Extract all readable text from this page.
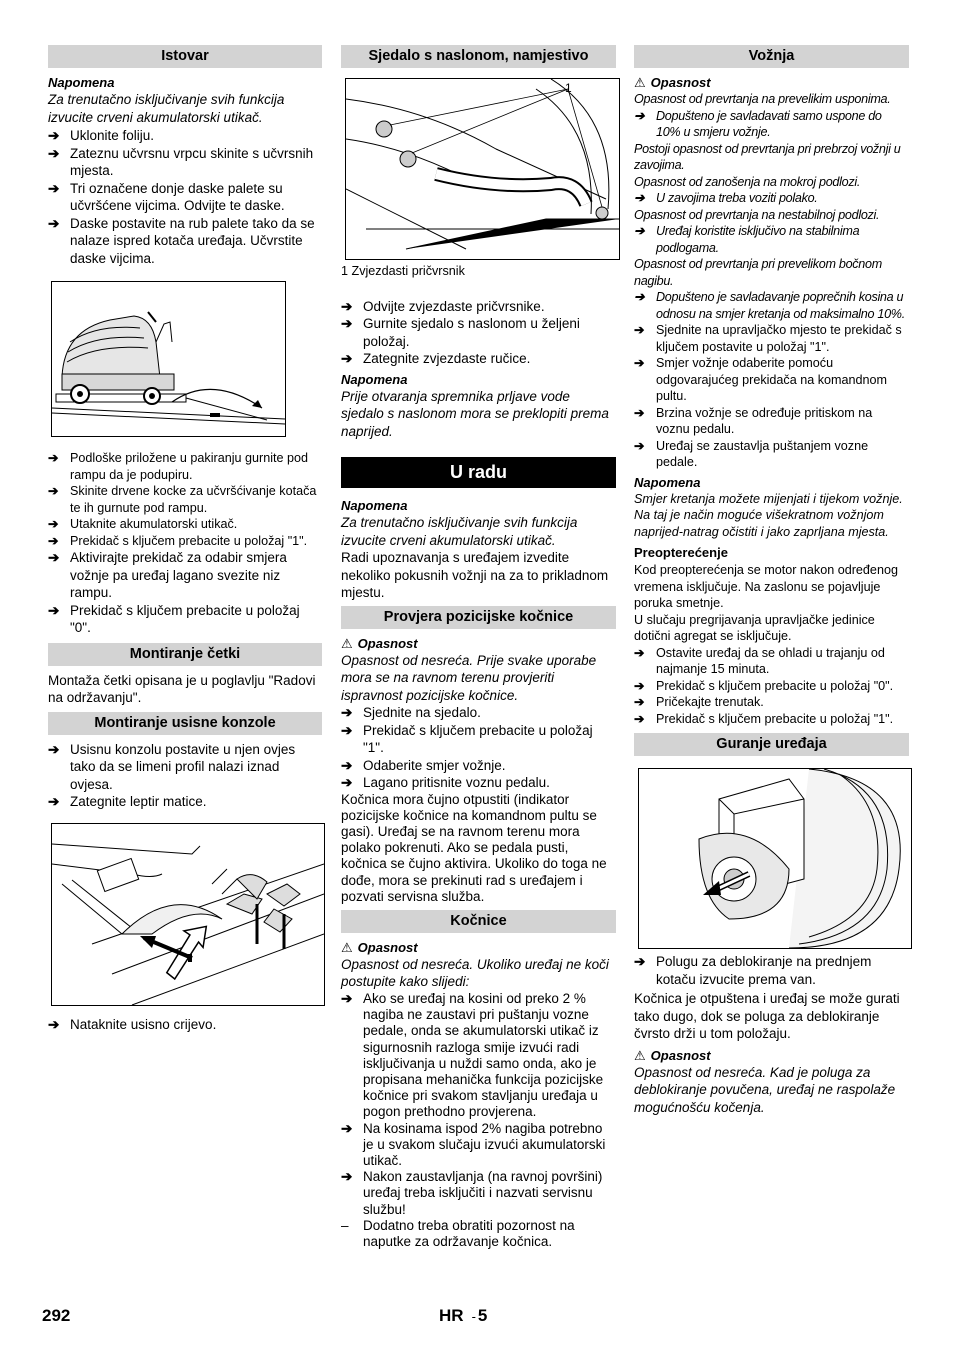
Istovar

Napomena

Za trenutačno isključivanje svih funkcija izvucite crveni akumulatorski utikač.

➔ Uklonite foliju.
➔ Zateznu učvrsnu vrpcu skinite s učvrsnih mjesta.
➔ Tri označene donje daske palete su učvršćene vijcima. Odvijte te daske.
➔ Daske postavite na rub palete tako da se nalaze ispred kotača uređaja. Učvrstite daske vijcima.
➔ Podloške priložene u pakiranju gurnite pod rampu da je podupiru.
➔ Skinite drvene kocke za učvršćivanje kotača te ih gurnute pod rampu.
➔ Utaknite akumulatorski utikač.
➔ Prekidač s ključem prebacite u položaj "1".
➔ Aktivirajte prekidač za odabir smjera vožnje pa uređaj lagano svezite niz rampu.
➔ Prekidač s ključem prebacite u položaj "0".
Montiranje četki

Montaža četki opisana je u poglavlju "Radovi na održavanju".

Montiranje usisne konzole
➔ Usisnu konzolu postavite u njen ovjes tako da se limeni profil nalazi iznad ovjesa.
➔ Zategnite leptir matice.
➔ Nataknite usisno crijevo.
Sjedalo s naslonom, namjestivo
1

1 Zvjezdasti pričvrsnik

➔ Odvijte zvjezdaste pričvrsnike.
➔ Gurnite sjedalo s naslonom u željeni položaj.
➔ Zategnite zvjezdaste ručice.

Napomena

Prije otvaranja spremnika prljave vode sjedalo s naslonom mora se preklopiti prema naprijed.

U radu

Napomena

Za trenutačno isključivanje svih funkcija izvucite crveni akumulatorski utikač.

Radi upoznavanja s uređajem izvedite nekoliko pokusnih vožnji na za to prikladnom mjestu.

Provjera pozicijske kočnice

⚠ Opasnost

Opasnost od nesreća. Prije svake uporabe mora se na ravnom terenu provjeriti ispravnost pozicijske kočnice.

➔ Sjednite na sjedalo.
➔ Prekidač s ključem prebacite u položaj "1".
➔ Odaberite smjer vožnje.
➔ Lagano pritisnite voznu pedalu.

Kočnica mora čujno otpustiti (indikator pozicijske kočnice na komandnom pultu se gasi). Uređaj se na ravnom terenu mora polako pokrenuti. Ako se pedala pusti, kočnica se čujno aktivira. Ukoliko do toga ne dođe, mora se prekinuti rad s uređajem i pozvati servisna služba.

Kočnice

⚠ Opasnost

Opasnost od nesreća. Ukoliko uređaj ne koči postupite kako slijedi:

➔ Ako se uređaj na kosini od preko 2 % nagiba ne zaustavi pri puštanju vozne pedale, onda se akumulatorski utikač iz sigurnosnih razloga smije izvući radi isključivanja u nuždi samo onda, ako je propisana mehanička funkcija pozicijske kočnice pri svakom stavljanju uređaja u pogon prethodno provjerena.
➔ Na kosinama ispod 2% nagiba potrebno je u svakom slučaju izvući akumulatorski utikač.
➔ Nakon zaustavljanja (na ravnoj površini) uređaj treba isključiti i nazvati servisnu službu!
– Dodatno treba obratiti pozornost na naputke za održavanje kočnica.
Vožnja

⚠ Opasnost

Opasnost od prevrtanja na prevelikim usponima.

➔ Dopušteno je savladavati samo uspone do 10% u smjeru vožnje.

Postoji opasnost od prevrtanja pri prebrzoj vožnji u zavojima.

Opasnost od zanošenja na mokroj podlozi.

➔ U zavojima treba voziti polako.

Opasnost od prevrtanja na nestabilnoj podlozi.

➔ Uređaj koristite isključivo na stabilnima podlogama.

Opasnost od prevrtanja pri prevelikom bočnom nagibu.

➔ Dopušteno je savladavanje poprečnih kosina u odnosu na smjer kretanja od maksimalno 10%.
➔ Sjednite na upravljačko mjesto te prekidač s ključem postavite u položaj "1".
➔ Smjer vožnje odaberite pomoću odgovarajućeg prekidača na komandnom pultu.
➔ Brzina vožnje se određuje pritiskom na voznu pedalu.
➔ Uređaj se zaustavlja puštanjem vozne pedale.

Napomena

Smjer kretanja možete mijenjati i tijekom vožnje. Na taj je način moguće višekratnom vožnjom naprijed-natrag očistiti i jako zaprljana mjesta.

Preopterećenje

Kod preopterećenja se motor nakon određenog vremena isključuje. Na zaslonu se pojavljuje poruka smetnje.

U slučaju pregrijavanja upravljačke jedinice dotični agregat se isključuje.

➔ Ostavite uređaj da se ohladi u trajanju od najmanje 15 minuta.
➔ Prekidač s ključem prebacite u položaj "0".
➔ Pričekajte trenutak.
➔ Prekidač s ključem prebacite u položaj "1".
Guranje uređaja
➔ Polugu za deblokiranje na prednjem kotaču izvucite prema van.

Kočnica je otpuštena i uređaj se može gurati tako dugo, dok se poluga za deblokiranje čvrsto drži u tom položaju.

⚠ Opasnost

Opasnost od nesreća. Kad je poluga za deblokiranje povučena, uređaj ne raspolaže mogućnošću kočenja.

292	HR - 5
